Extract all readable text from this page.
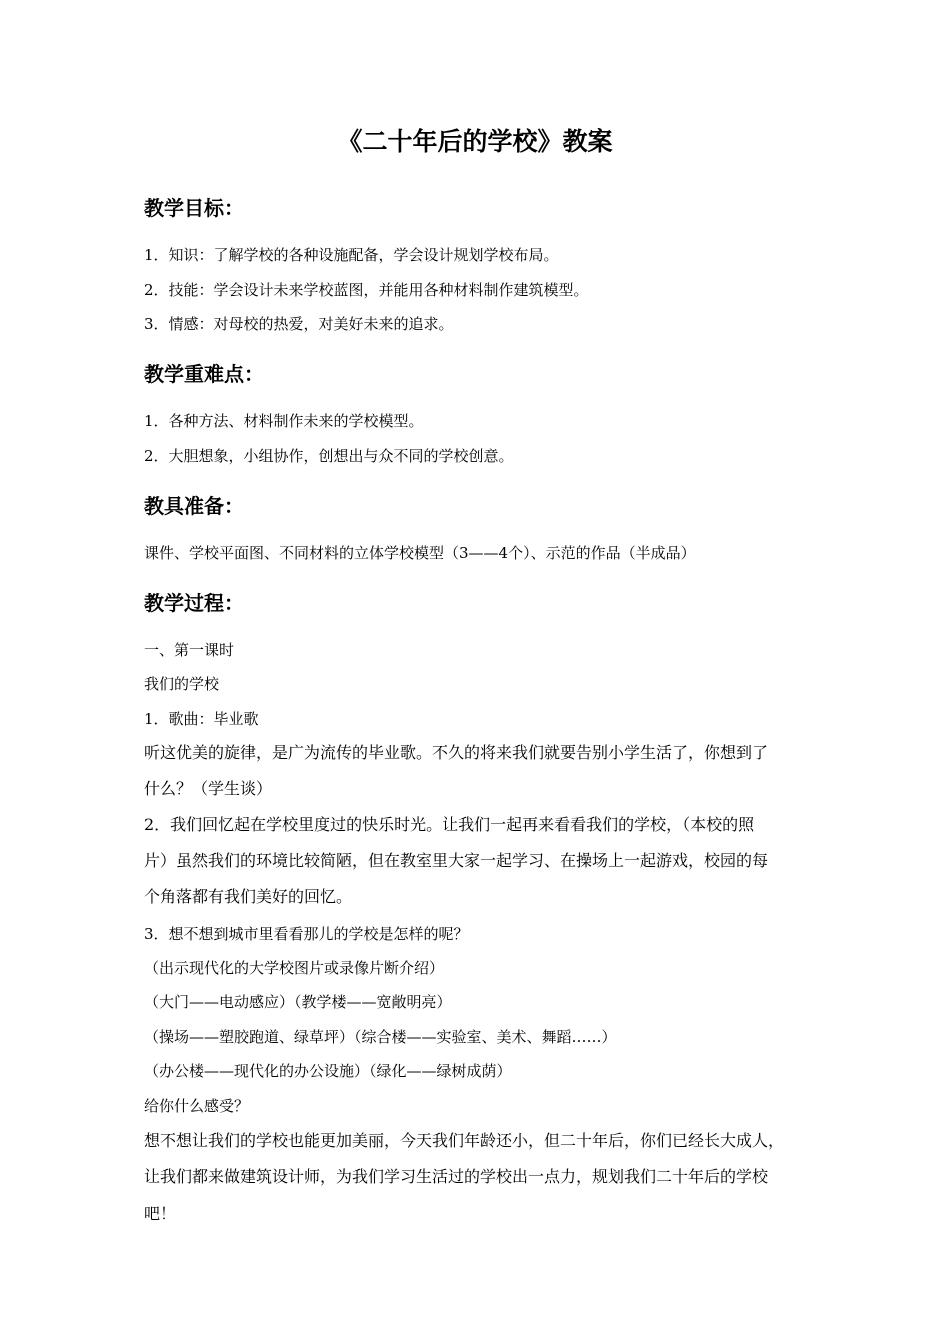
《二十年后的学校》教案
教学目标：
1．知识：了解学校的各种设施配备，学会设计规划学校布局。
2．技能：学会设计未来学校蓝图，并能用各种材料制作建筑模型。
3．情感：对母校的热爱，对美好未来的追求。
教学重难点：
1．各种方法、材料制作未来的学校模型。
2．大胆想象，小组协作，创想出与众不同的学校创意。
教具准备：
课件、学校平面图、不同材料的立体学校模型（3——4个）、示范的作品（半成品）
教学过程：
一、第一课时
我们的学校
1．歌曲：毕业歌
听这优美的旋律，是广为流传的毕业歌。不久的将来我们就要告别小学生活了，你想到了
什么？（学生谈）
2．我们回忆起在学校里度过的快乐时光。让我们一起再来看看我们的学校，（本校的照
片）虽然我们的环境比较简陋，但在教室里大家一起学习、在操场上一起游戏，校园的每
个角落都有我们美好的回忆。
3．想不想到城市里看看那儿的学校是怎样的呢？
（出示现代化的大学校图片或录像片断介绍）
（大门——电动感应）（教学楼——宽敞明亮）
（操场——塑胶跑道、绿草坪）（综合楼——实验室、美术、舞蹈……）
（办公楼——现代化的办公设施）（绿化——绿树成荫）
给你什么感受？
想不想让我们的学校也能更加美丽，今天我们年龄还小，但二十年后，你们已经长大成人，
让我们都来做建筑设计师，为我们学习生活过的学校出一点力，规划我们二十年后的学校
吧！
